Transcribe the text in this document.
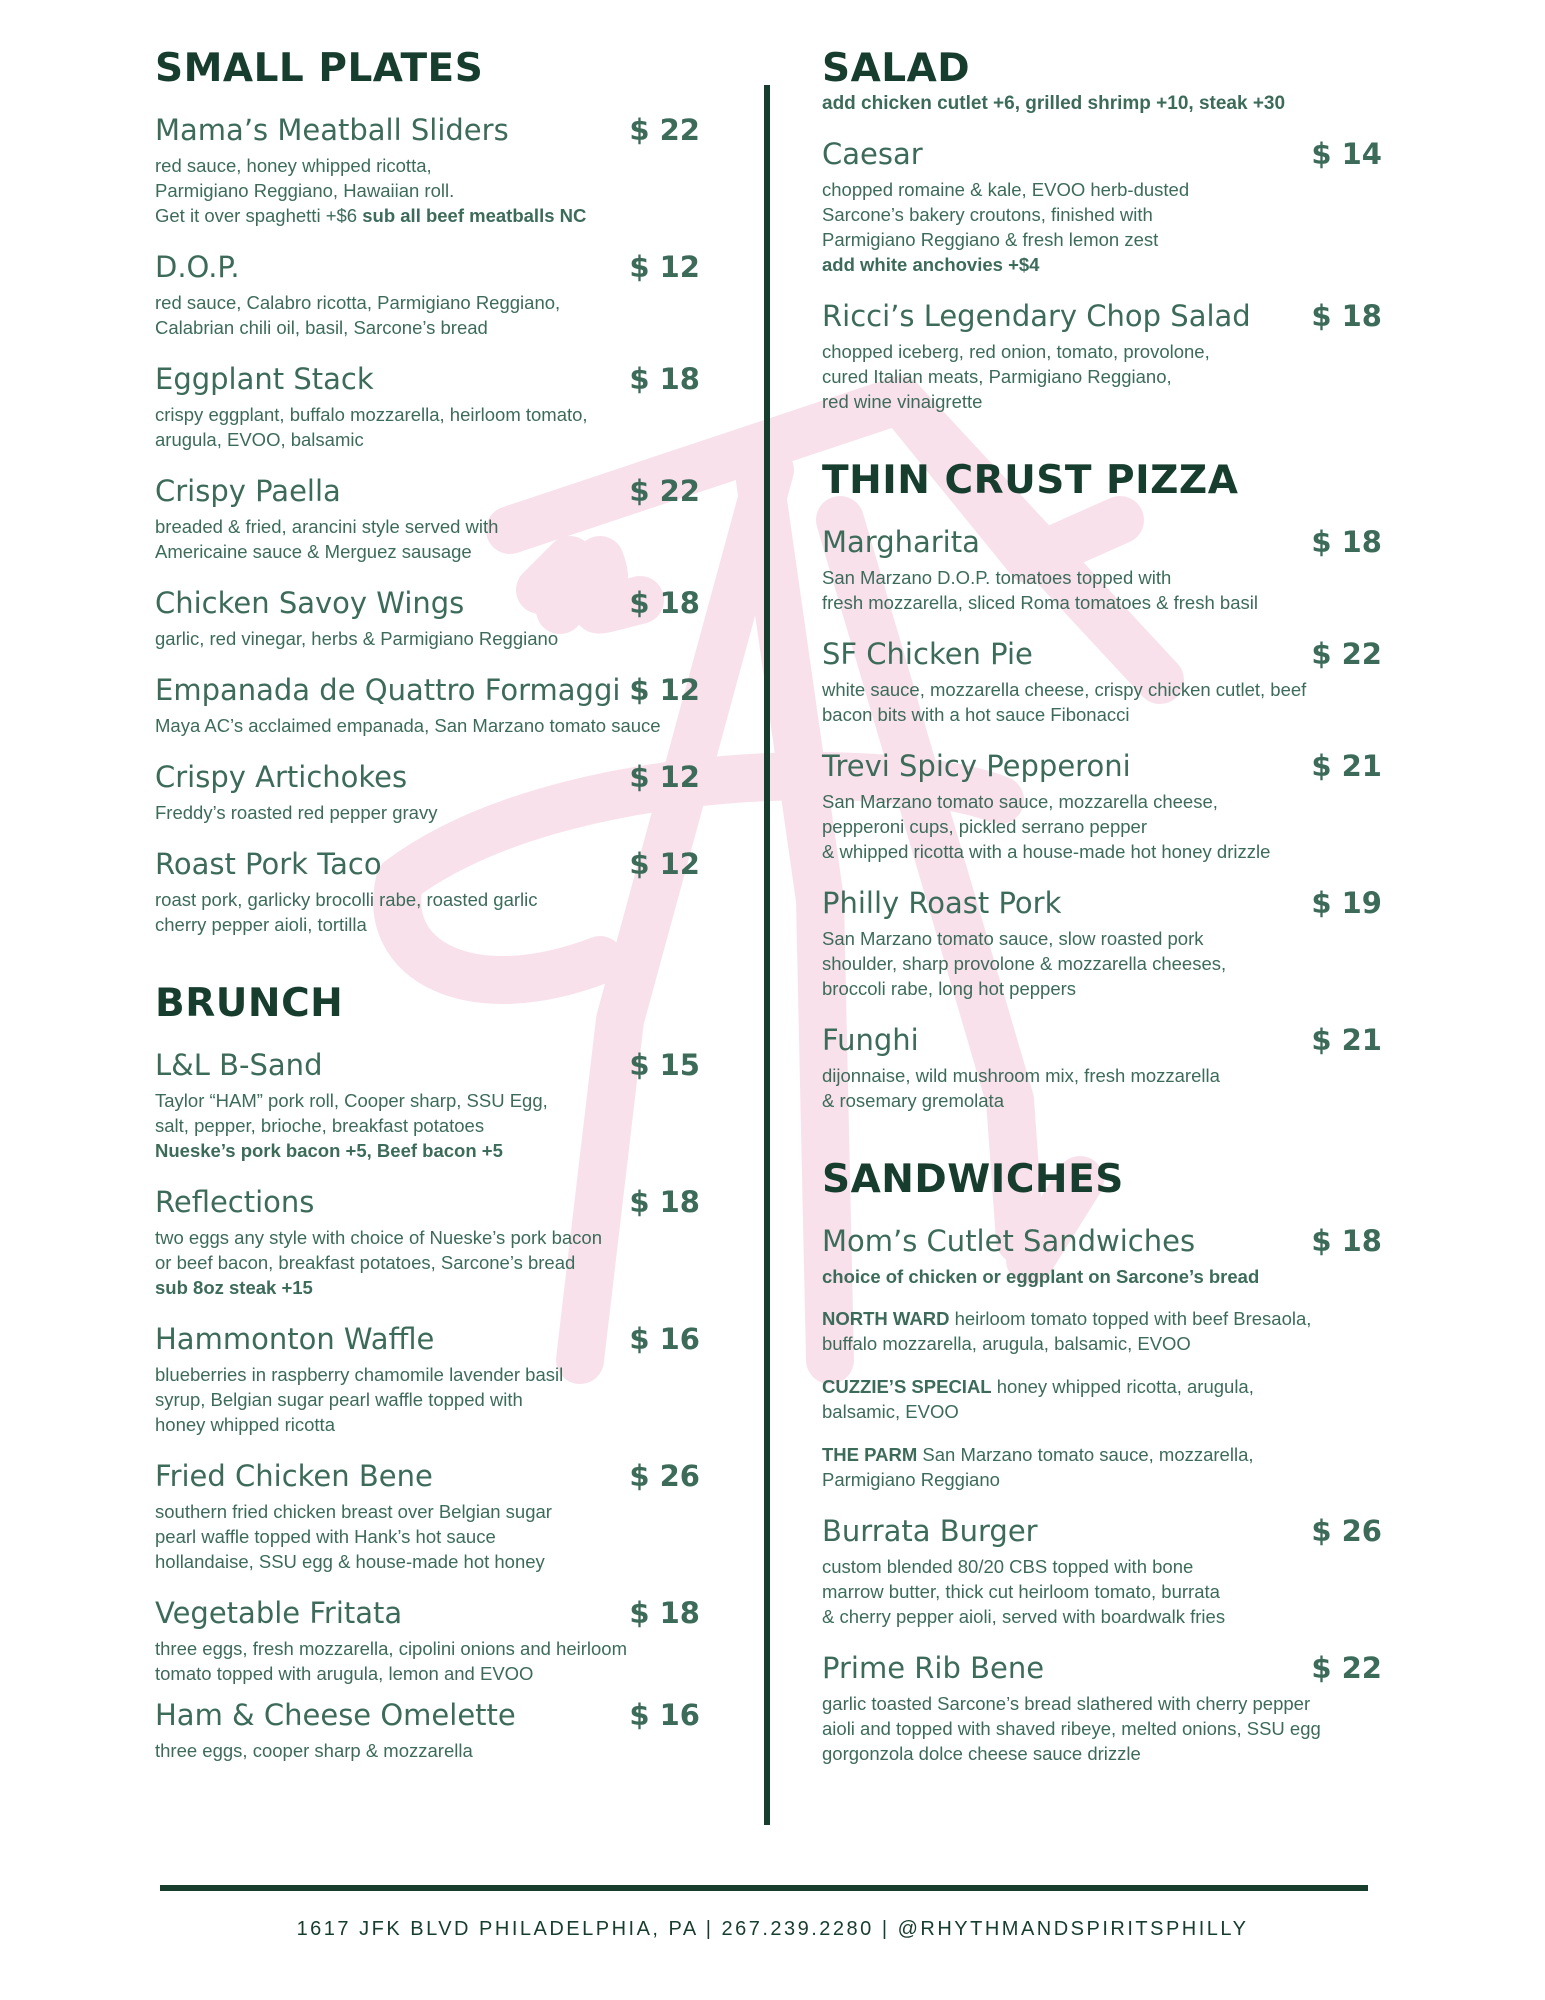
SMALL PLATES
Mama’s Meatball Sliders	$ 22
red sauce, honey whipped ricotta,
Parmigiano Reggiano, Hawaiian roll.
Get it over spaghetti +$6 sub all beef meatballs NC
D.O.P.	$ 12
red sauce, Calabro ricotta, Parmigiano Reggiano,
Calabrian chili oil, basil, Sarcone’s bread
Eggplant Stack	$ 18
crispy eggplant, buffalo mozzarella, heirloom tomato,
arugula, EVOO, balsamic
Crispy Paella	$ 22
breaded & fried, arancini style served with
Americaine sauce & Merguez sausage
Chicken Savoy Wings	$ 18
garlic, red vinegar, herbs & Parmigiano Reggiano
Empanada de Quattro Formaggi $ 12
Maya AC’s acclaimed empanada, San Marzano tomato sauce
Crispy Artichokes	$ 12
Freddy’s roasted red pepper gravy
Roast Pork Taco	$ 12
roast pork, garlicky brocolli rabe, roasted garlic
cherry pepper aioli, tortilla
BRUNCH
L&L B-Sand	$ 15
Taylor “HAM” pork roll, Cooper sharp, SSU Egg,
salt, pepper, brioche, breakfast potatoes
Nueske’s pork bacon +5, Beef bacon +5
Reflections	$ 18
two eggs any style with choice of Nueske’s pork bacon
or beef bacon, breakfast potatoes, Sarcone’s bread
sub 8oz steak +15
Hammonton Waffle	$ 16
blueberries in raspberry chamomile lavender basil
syrup, Belgian sugar pearl waffle topped with
honey whipped ricotta
Fried Chicken Bene	$ 26
southern fried chicken breast over Belgian sugar
pearl waffle topped with Hank’s hot sauce
hollandaise, SSU egg & house-made hot honey
Vegetable Fritata	$ 18
three eggs, fresh mozzarella, cipolini onions and heirloom
tomato topped with arugula, lemon and EVOO
Ham & Cheese Omelette	$ 16
three eggs, cooper sharp & mozzarella
SALAD
add chicken cutlet +6, grilled shrimp +10, steak +30
Caesar	$ 14
chopped romaine & kale, EVOO herb-dusted
Sarcone’s bakery croutons, finished with
Parmigiano Reggiano & fresh lemon zest
add white anchovies +$4
Ricci’s Legendary Chop Salad $ 18
chopped iceberg, red onion, tomato, provolone,
cured Italian meats, Parmigiano Reggiano,
red wine vinaigrette
THIN CRUST PIZZA
Margharita	$ 18
San Marzano D.O.P. tomatoes topped with
fresh mozzarella, sliced Roma tomatoes & fresh basil
SF Chicken Pie	$ 22
white sauce, mozzarella cheese, crispy chicken cutlet, beef
bacon bits with a hot sauce Fibonacci
Trevi Spicy Pepperoni	$ 21
San Marzano tomato sauce, mozzarella cheese,
pepperoni cups, pickled serrano pepper
& whipped ricotta with a house-made hot honey drizzle
Philly Roast Pork	$ 19
San Marzano tomato sauce, slow roasted pork
shoulder, sharp provolone & mozzarella cheeses,
broccoli rabe, long hot peppers
Funghi	$ 21
dijonnaise, wild mushroom mix, fresh mozzarella
& rosemary gremolata
SANDWICHES
Mom’s Cutlet Sandwiches	$ 18
choice of chicken or eggplant on Sarcone’s bread
NORTH WARD heirloom tomato topped with beef Bresaola,
buffalo mozzarella, arugula, balsamic, EVOO
CUZZIE’S SPECIAL honey whipped ricotta, arugula,
balsamic, EVOO
THE PARM San Marzano tomato sauce, mozzarella,
Parmigiano Reggiano
Burrata Burger	$ 26
custom blended 80/20 CBS topped with bone
marrow butter, thick cut heirloom tomato, burrata
& cherry pepper aioli, served with boardwalk fries
Prime Rib Bene	$ 22
garlic toasted Sarcone’s bread slathered with cherry pepper
aioli and topped with shaved ribeye, melted onions, SSU egg
gorgonzola dolce cheese sauce drizzle
1617 JFK BLVD PHILADELPHIA, PA | 267.239.2280 | @RHYTHMANDSPIRITSPHILLY
